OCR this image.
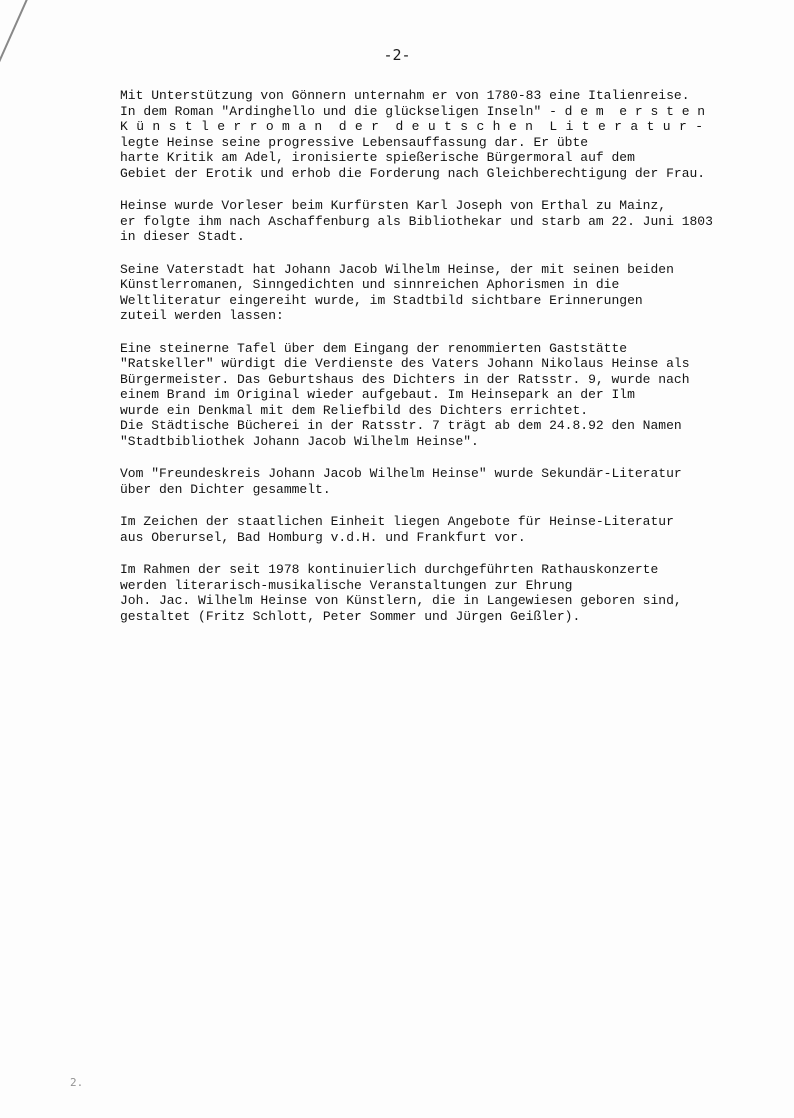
-2-

Mit Unterstützung von Gönnern unternahm er von 1780-83 eine Italienreise.
In dem Roman "Ardinghello und die glückseligen Inseln" - d e m  e r s t e n
K ü n s t l e r r o m a n  d e r  d e u t s c h e n  L i t e r a t u r -
legte Heinse seine progressive Lebensauffassung dar. Er übte
harte Kritik am Adel, ironisierte spießerische Bürgermoral auf dem
Gebiet der Erotik und erhob die Forderung nach Gleichberechtigung der Frau.

Heinse wurde Vorleser beim Kurfürsten Karl Joseph von Erthal zu Mainz,
er folgte ihm nach Aschaffenburg als Bibliothekar und starb am 22. Juni 1803
in dieser Stadt.

Seine Vaterstadt hat Johann Jacob Wilhelm Heinse, der mit seinen beiden
Künstlerromanen, Sinngedichten und sinnreichen Aphorismen in die
Weltliteratur eingereiht wurde, im Stadtbild sichtbare Erinnerungen
zuteil werden lassen:

Eine steinerne Tafel über dem Eingang der renommierten Gaststätte
"Ratskeller" würdigt die Verdienste des Vaters Johann Nikolaus Heinse als
Bürgermeister. Das Geburtshaus des Dichters in der Ratsstr. 9, wurde nach
einem Brand im Original wieder aufgebaut. Im Heinsepark an der Ilm
wurde ein Denkmal mit dem Reliefbild des Dichters errichtet.
Die Städtische Bücherei in der Ratsstr. 7 trägt ab dem 24.8.92 den Namen
"Stadtbibliothek Johann Jacob Wilhelm Heinse".

Vom "Freundeskreis Johann Jacob Wilhelm Heinse" wurde Sekundär-Literatur
über den Dichter gesammelt.

Im Zeichen der staatlichen Einheit liegen Angebote für Heinse-Literatur
aus Oberursel, Bad Homburg v.d.H. und Frankfurt vor.

Im Rahmen der seit 1978 kontinuierlich durchgeführten Rathauskonzerte
werden literarisch-musikalische Veranstaltungen zur Ehrung
Joh. Jac. Wilhelm Heinse von Künstlern, die in Langewiesen geboren sind,
gestaltet (Fritz Schlott, Peter Sommer und Jürgen Geißler).

2.
